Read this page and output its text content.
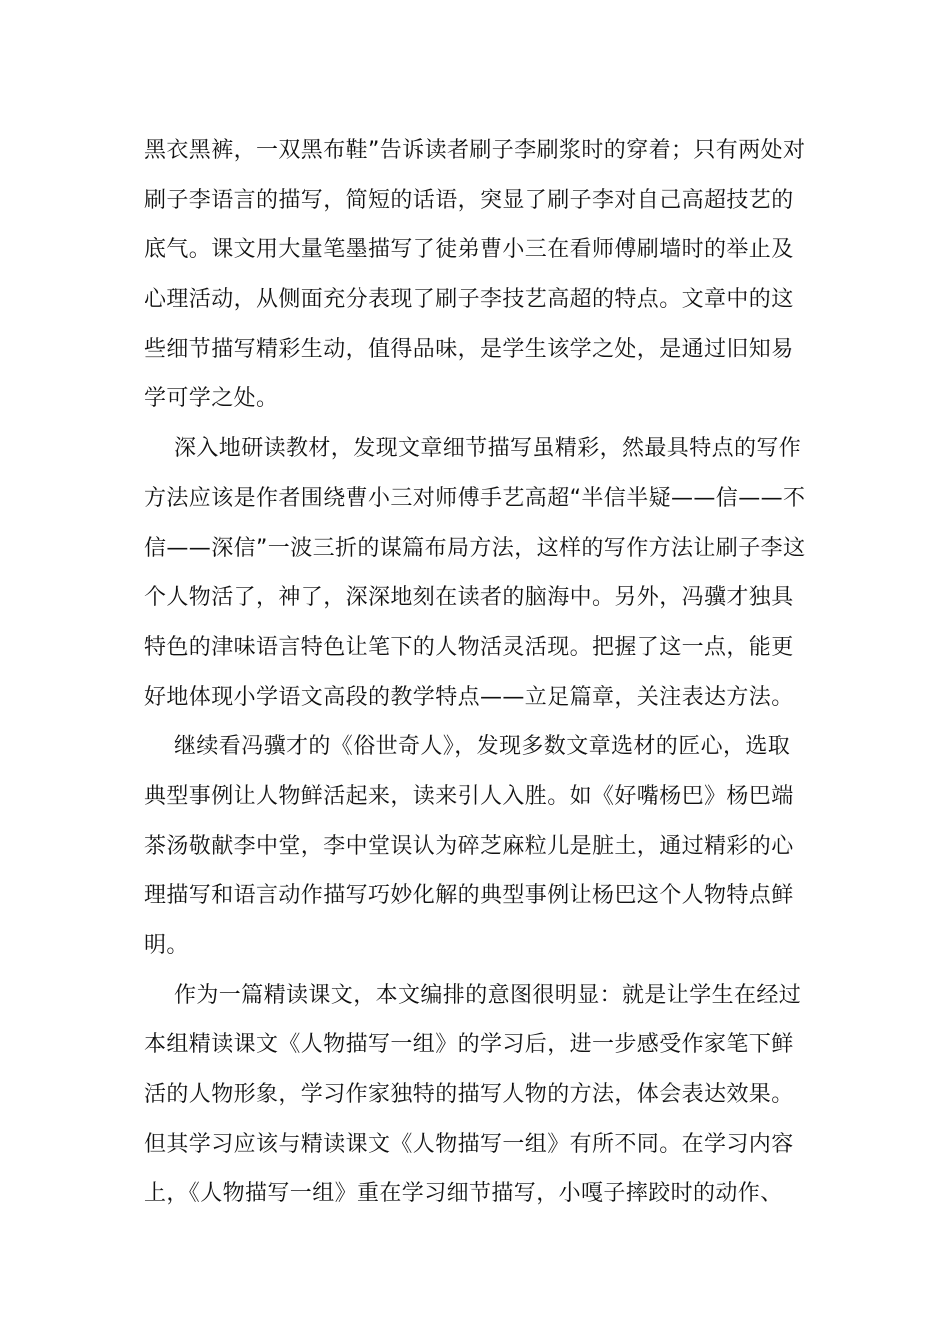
黑衣黑裤，一双黑布鞋”告诉读者刷子李刷浆时的穿着；只有两处对
刷子李语言的描写，简短的话语，突显了刷子李对自己高超技艺的
底气。课文用大量笔墨描写了徒弟曹小三在看师傅刷墙时的举止及
心理活动，从侧面充分表现了刷子李技艺高超的特点。文章中的这
些细节描写精彩生动，值得品味，是学生该学之处，是通过旧知易
学可学之处。
深入地研读教材，发现文章细节描写虽精彩，然最具特点的写作
方法应该是作者围绕曹小三对师傅手艺高超“半信半疑——信——不
信——深信”一波三折的谋篇布局方法，这样的写作方法让刷子李这
个人物活了，神了，深深地刻在读者的脑海中。另外，冯骥才独具
特色的津味语言特色让笔下的人物活灵活现。把握了这一点，能更
好地体现小学语文高段的教学特点——立足篇章，关注表达方法。
继续看冯骥才的《俗世奇人》，发现多数文章选材的匠心，选取
典型事例让人物鲜活起来，读来引人入胜。如《好嘴杨巴》杨巴端
茶汤敬献李中堂，李中堂误认为碎芝麻粒儿是脏土，通过精彩的心
理描写和语言动作描写巧妙化解的典型事例让杨巴这个人物特点鲜
明。
作为一篇精读课文，本文编排的意图很明显：就是让学生在经过
本组精读课文《人物描写一组》的学习后，进一步感受作家笔下鲜
活的人物形象，学习作家独特的描写人物的方法，体会表达效果。
但其学习应该与精读课文《人物描写一组》有所不同。在学习内容
上，《人物描写一组》重在学习细节描写，小嘎子摔跤时的动作、
